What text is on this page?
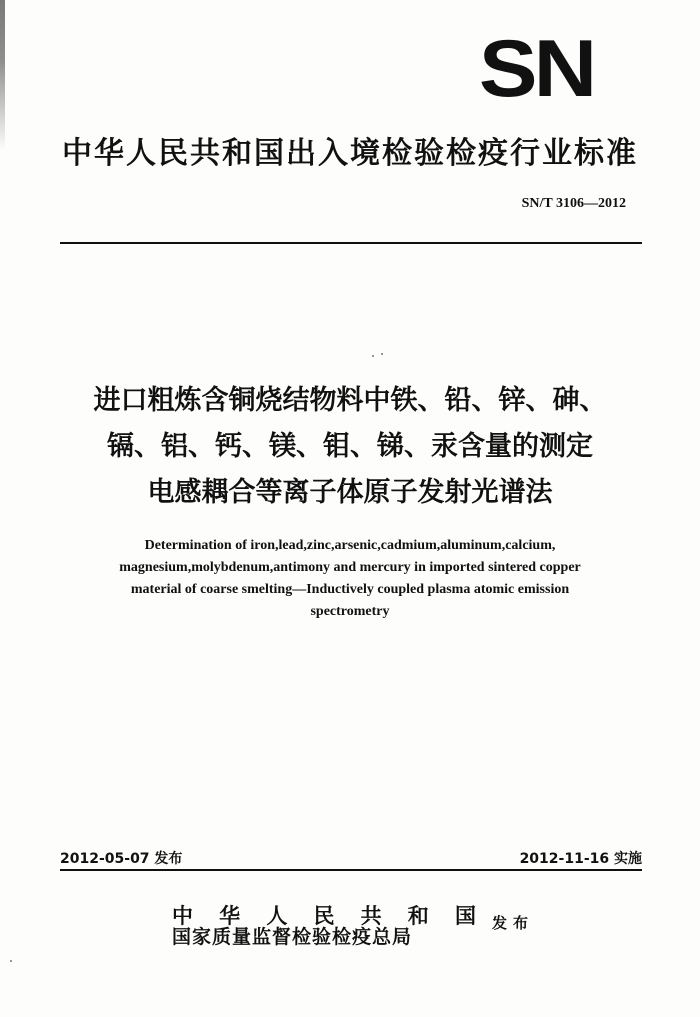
SN
中华人民共和国出入境检验检疫行业标准
SN/T 3106—2012
进口粗炼含铜烧结物料中铁、铅、锌、砷、
镉、铝、钙、镁、钼、锑、汞含量的测定
电感耦合等离子体原子发射光谱法
Determination of iron,lead,zinc,arsenic,cadmium,aluminum,calcium,
magnesium,molybdenum,antimony and mercury in imported sintered copper
material of coarse smelting—Inductively coupled plasma atomic emission
spectrometry
2012-05-07 发布	2012-11-16 实施
中 华 人 民 共 和 国
国家质量监督检验检疫总局
发布
